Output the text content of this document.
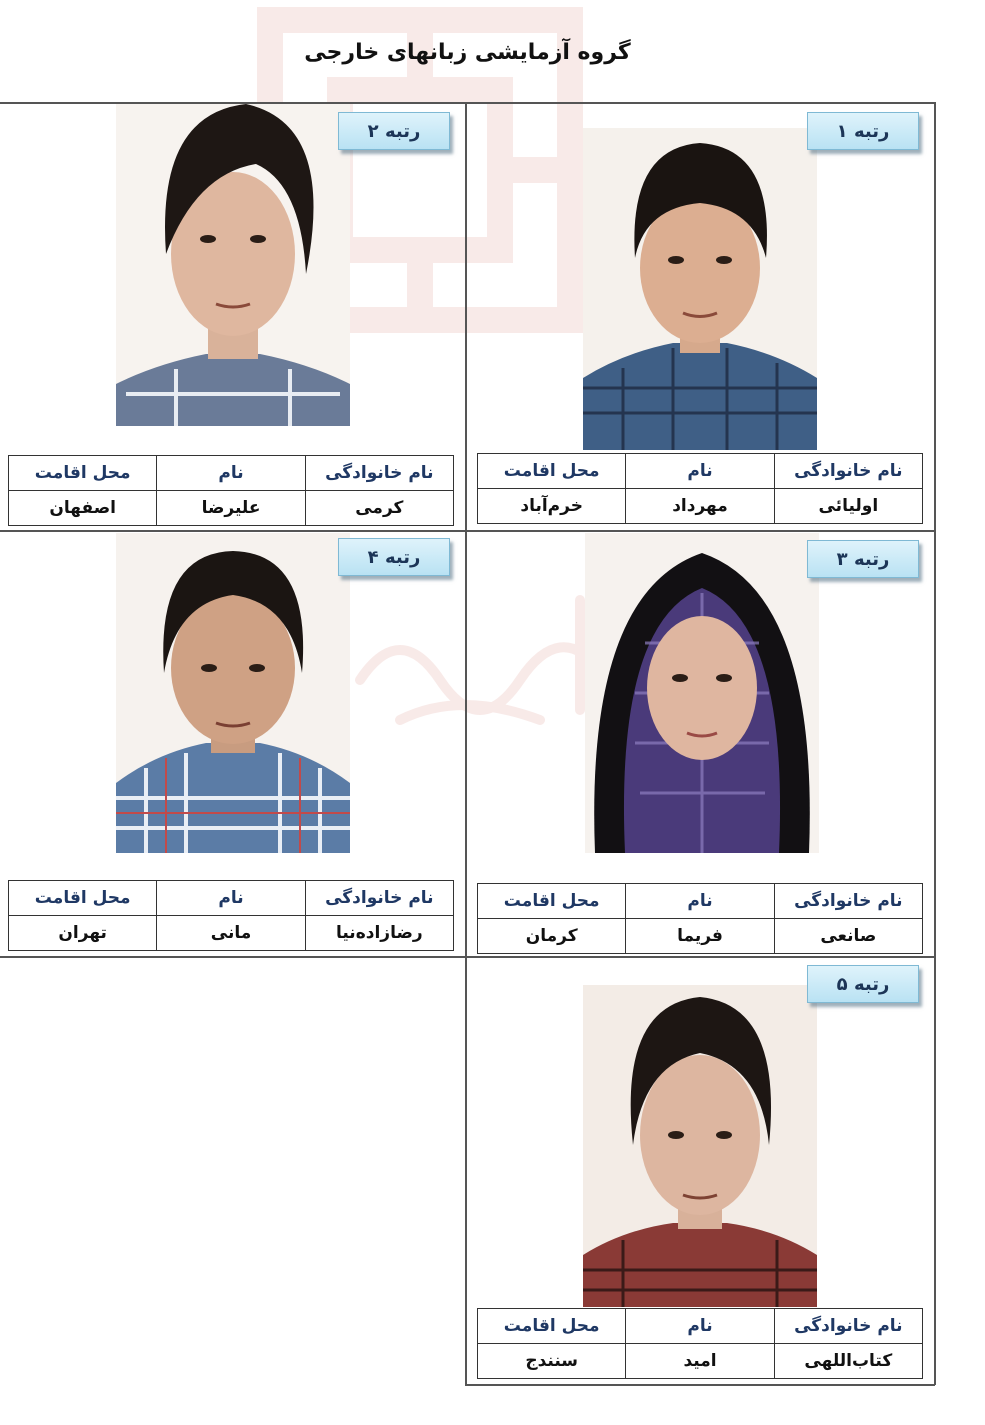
گروه آزمایشی زبانهای خارجی
رتبه ۱
نام خانوادگی	نام	محل اقامت
اولیائی	مهرداد	خرم‌آباد
رتبه ۲
نام خانوادگی	نام	محل اقامت
کرمی	علیرضا	اصفهان
رتبه ۳
نام خانوادگی	نام	محل اقامت
صانعی	فریما	کرمان
رتبه ۴
نام خانوادگی	نام	محل اقامت
رضازاده‌نیا	مانی	تهران
رتبه ۵
نام خانوادگی	نام	محل اقامت
کتاب‌اللهی	امید	سنندج
